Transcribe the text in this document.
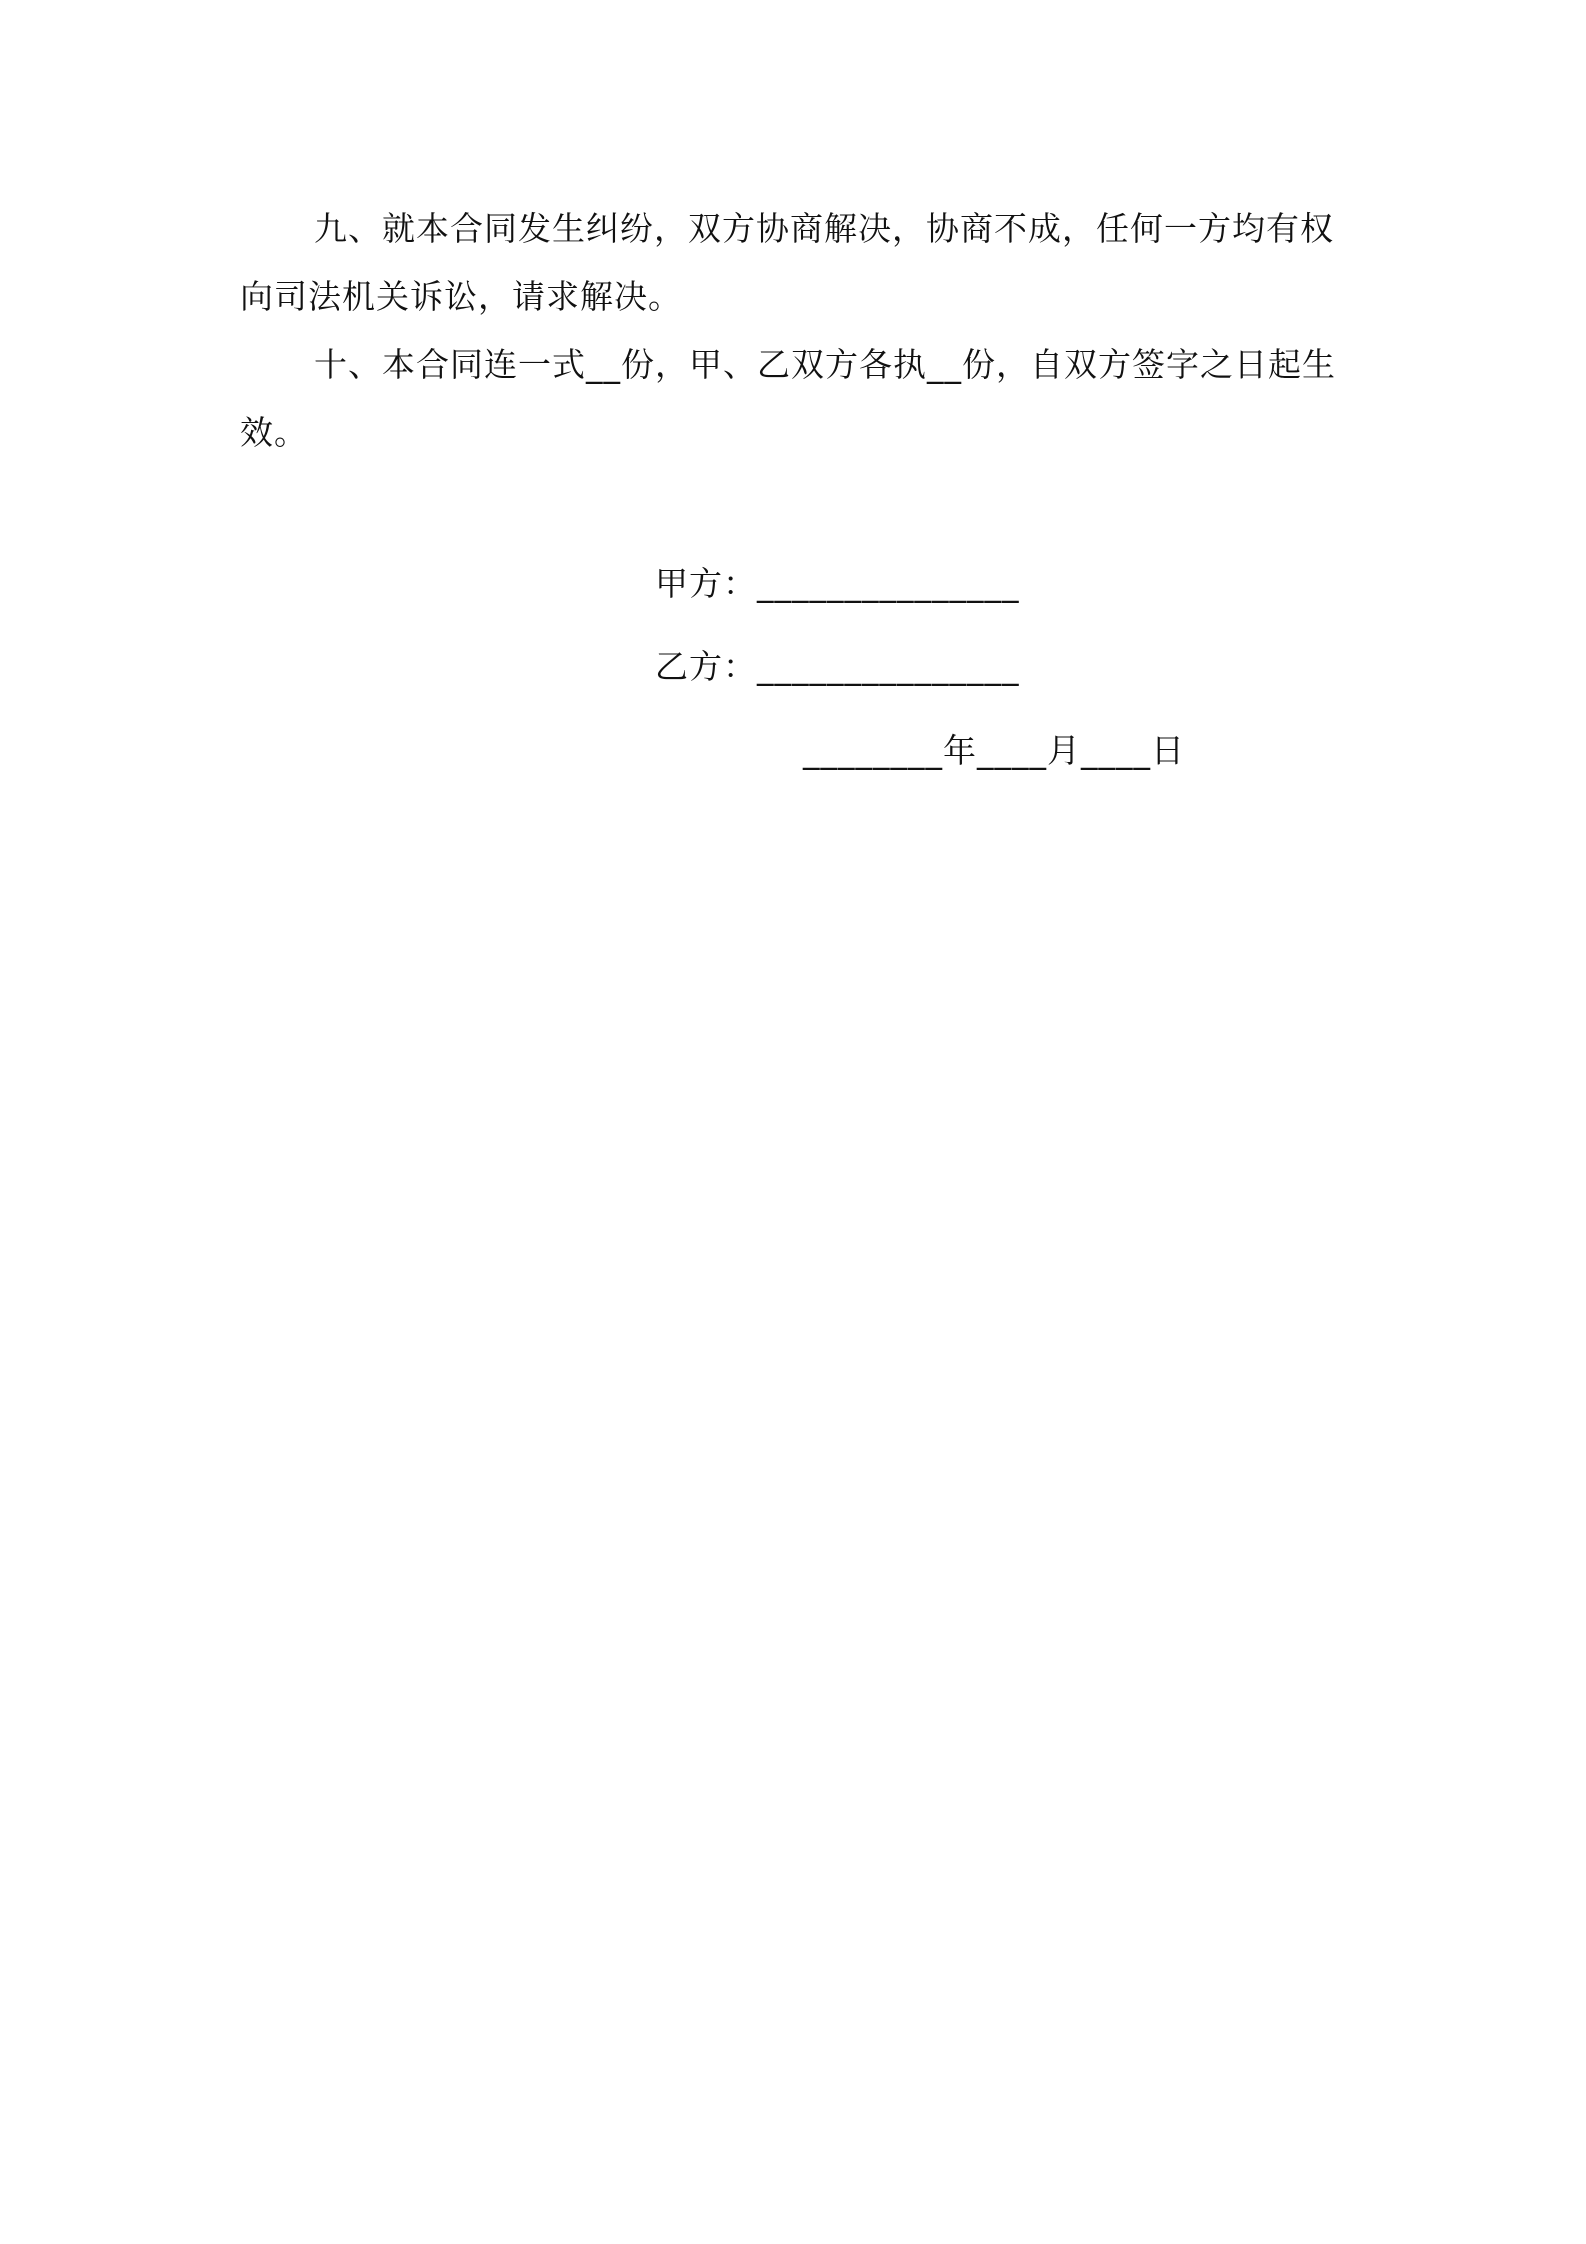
九、就本合同发生纠纷，双方协商解决，协商不成，任何一方均有权向司法机关诉讼，请求解决。

十、本合同连一式__份，甲、乙双方各执__份，自双方签字之日起生效。

甲方：_______________
乙方：_______________
________年____月____日
